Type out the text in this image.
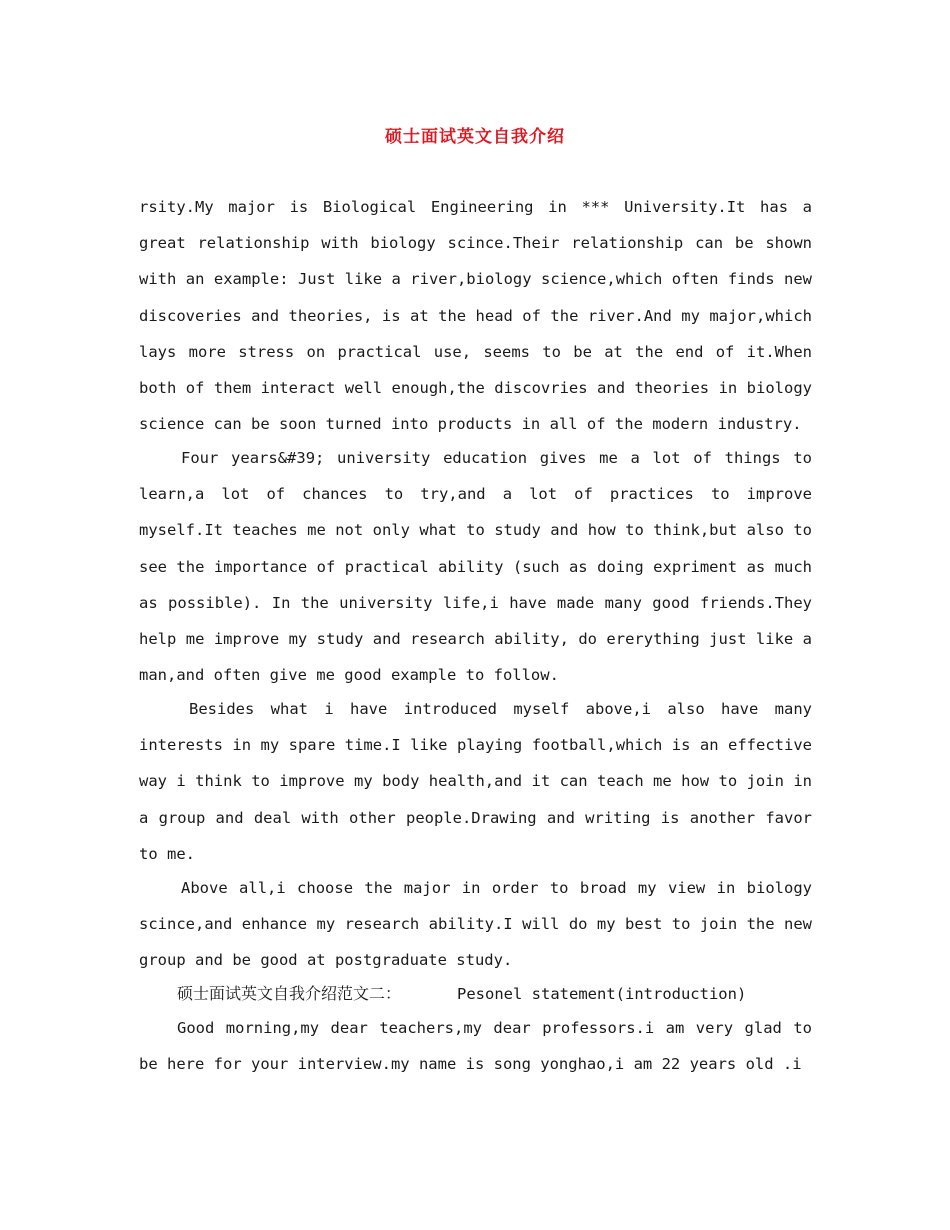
硕士面试英文自我介绍

rsity.My major is Biological Engineering in *** University.It has a great relationship with biology scince.Their relationship can be shown with an example: Just like a river,biology science,which often finds new discoveries and theories, is at the head of the river.And my major,which lays more stress on practical use, seems to be at the end of it.When both of them interact well enough,the discovries and theories in biology science can be soon turned into products in all of the modern industry.

Four years&#39; university education gives me a lot of things to learn,a lot of chances to try,and a lot of practices to improve myself.It teaches me not only what to study and how to think,but also to see the importance of practical ability (such as doing expriment as much as possible). In the university life,i have made many good friends.They help me improve my study and research ability, do ererything just like a man,and often give me good example to follow.

Besides what i have introduced myself above,i also have many interests in my spare time.I like playing football,which is an effective way i think to improve my body health,and it can teach me how to join in a group and deal with other people.Drawing and writing is another favor to me.

Above all,i choose the major in order to broad my view in biology scince,and enhance my research ability.I will do my best to join the new group and be good at postgraduate study.

硕士面试英文自我介绍范文二：	Pesonel statement(introduction)

Good morning,my dear teachers,my dear professors.i am very glad to be here for your interview.my name is song yonghao,i am 22 years old .i
